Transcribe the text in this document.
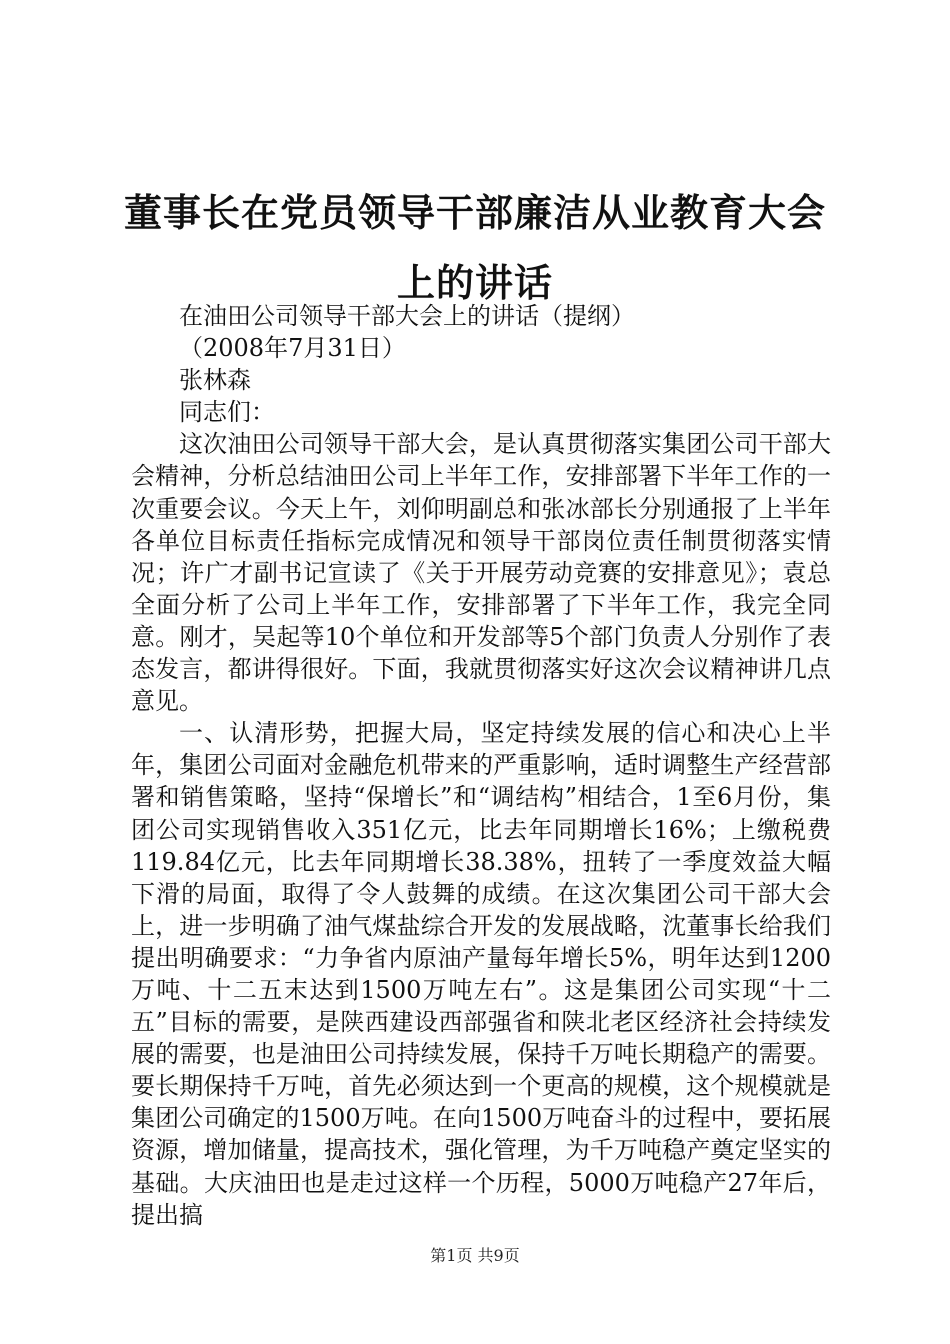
董事长在党员领导干部廉洁从业教育大会上的讲话

在油田公司领导干部大会上的讲话（提纲）

（2008年7月31日）

张林森

同志们：

这次油田公司领导干部大会，是认真贯彻落实集团公司干部大会精神，分析总结油田公司上半年工作，安排部署下半年工作的一次重要会议。今天上午，刘仰明副总和张冰部长分别通报了上半年各单位目标责任指标完成情况和领导干部岗位责任制贯彻落实情况；许广才副书记宣读了《关于开展劳动竞赛的安排意见》；袁总全面分析了公司上半年工作，安排部署了下半年工作，我完全同意。刚才，吴起等10个单位和开发部等5个部门负责人分别作了表态发言，都讲得很好。下面，我就贯彻落实好这次会议精神讲几点意见。

一、认清形势，把握大局，坚定持续发展的信心和决心上半年，集团公司面对金融危机带来的严重影响，适时调整生产经营部署和销售策略，坚持“保增长”和“调结构”相结合，1至6月份，集团公司实现销售收入351亿元，比去年同期增长16%；上缴税费119.84亿元，比去年同期增长38.38%，扭转了一季度效益大幅下滑的局面，取得了令人鼓舞的成绩。在这次集团公司干部大会上，进一步明确了油气煤盐综合开发的发展战略，沈董事长给我们提出明确要求：“力争省内原油产量每年增长5%，明年达到1200万吨、十二五末达到1500万吨左右”。这是集团公司实现“十二五”目标的需要，是陕西建设西部强省和陕北老区经济社会持续发展的需要，也是油田公司持续发展，保持千万吨长期稳产的需要。要长期保持千万吨，首先必须达到一个更高的规模，这个规模就是集团公司确定的1500万吨。在向1500万吨奋斗的过程中，要拓展资源，增加储量，提高技术，强化管理，为千万吨稳产奠定坚实的基础。大庆油田也是走过这样一个历程，5000万吨稳产27年后，提出搞

第1页 共9页
